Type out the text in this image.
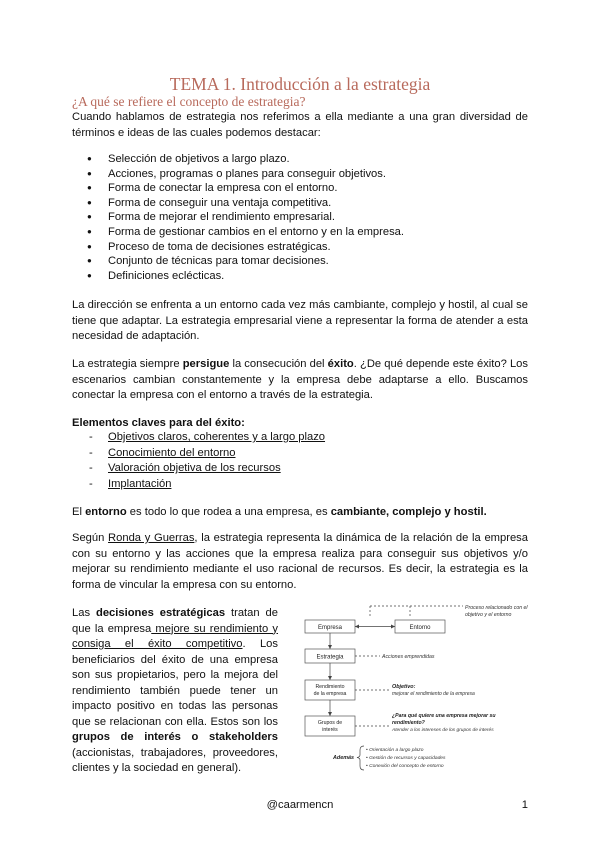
TEMA 1. Introducción a la estrategia
¿A qué se refiere el concepto de estrategia?

Cuando hablamos de estrategia nos referimos a ella mediante a una gran diversidad de términos e ideas de las cuales podemos destacar:

● Selección de objetivos a largo plazo.
● Acciones, programas o planes para conseguir objetivos.
● Forma de conectar la empresa con el entorno.
● Forma de conseguir una ventaja competitiva.
● Forma de mejorar el rendimiento empresarial.
● Forma de gestionar cambios en el entorno y en la empresa.
● Proceso de toma de decisiones estratégicas.
● Conjunto de técnicas para tomar decisiones.
● Definiciones eclécticas.

La dirección se enfrenta a un entorno cada vez más cambiante, complejo y hostil, al cual se tiene que adaptar. La estrategia empresarial viene a representar la forma de atender a esta necesidad de adaptación.

La estrategia siempre persigue la consecución del éxito. ¿De qué depende este éxito? Los escenarios cambian constantemente y la empresa debe adaptarse a ello. Buscamos conectar la empresa con el entorno a través de la estrategia.

Elementos claves para del éxito:

- Objetivos claros, coherentes y a largo plazo
- Conocimiento del entorno
- Valoración objetiva de los recursos
- Implantación

El entorno es todo lo que rodea a una empresa, es cambiante, complejo y hostil.

Según Ronda y Guerras, la estrategia representa la dinámica de la relación de la empresa con su entorno y las acciones que la empresa realiza para conseguir sus objetivos y/o mejorar su rendimiento mediante el uso racional de recursos. Es decir, la estrategia es la forma de vincular la empresa con su entorno.

Las decisiones estratégicas tratan de que la empresa mejore su rendimiento y consiga el éxito competitivo. Los beneficiarios del éxito de una empresa son sus propietarios, pero la mejora del rendimiento también puede tener un impacto positivo en todas las personas que se relacionan con ella. Estos son los grupos de interés o stakeholders (accionistas, trabajadores, proveedores, clientes y la sociedad en general).

Proceso relacionado con el
objetivo y el entorno
Empresa	Entorno
Estrategia	Acciones emprendidas
Rendimiento
de la empresa
Objetivo:
mejorar el rendimiento de la empresa
Grupos de
interés
¿Para qué quiere una empresa mejorar su
rendimiento?
Atender a los intereses de los grupos de interés
Además
• Orientación a largo plazo
• Gestión de recursos y capacidades
• Conexión del concepto de entorno
@caarmencn	1
